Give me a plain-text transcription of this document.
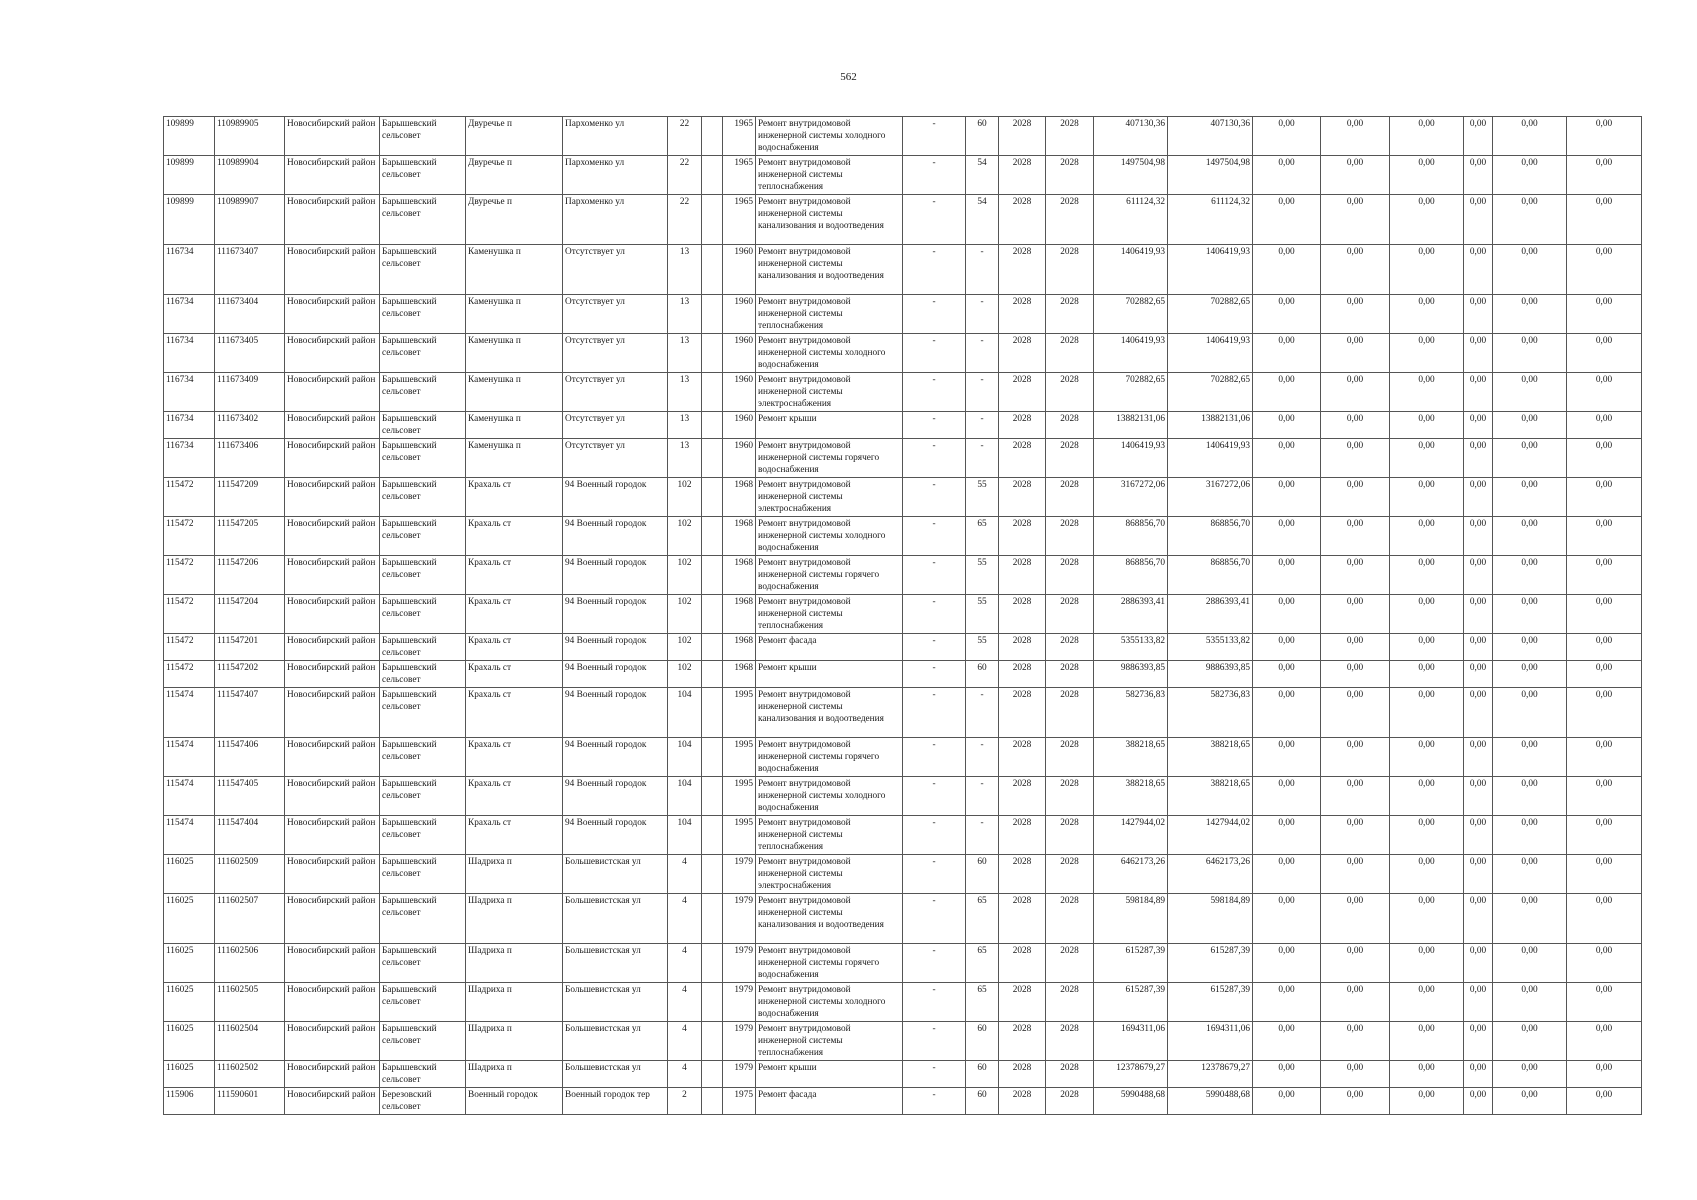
562
109899	110989905	Новосибирский район	Барышевский сельсовет	Двуречье п	Пархоменко ул	22		1965	Ремонт внутридомовой инженерной системы холодного водоснабжения	-	60	2028	2028	407130,36	407130,36	0,00	0,00	0,00	0,00	0,00	0,00
109899	110989904	Новосибирский район	Барышевский сельсовет	Двуречье п	Пархоменко ул	22		1965	Ремонт внутридомовой инженерной системы теплоснабжения	-	54	2028	2028	1497504,98	1497504,98	0,00	0,00	0,00	0,00	0,00	0,00
109899	110989907	Новосибирский район	Барышевский сельсовет	Двуречье п	Пархоменко ул	22		1965	Ремонт внутридомовой инженерной системы канализования и водоотведения	-	54	2028	2028	611124,32	611124,32	0,00	0,00	0,00	0,00	0,00	0,00
116734	111673407	Новосибирский район	Барышевский сельсовет	Каменушка п	Отсутствует ул	13		1960	Ремонт внутридомовой инженерной системы канализования и водоотведения	-	-	2028	2028	1406419,93	1406419,93	0,00	0,00	0,00	0,00	0,00	0,00
116734	111673404	Новосибирский район	Барышевский сельсовет	Каменушка п	Отсутствует ул	13		1960	Ремонт внутридомовой инженерной системы теплоснабжения	-	-	2028	2028	702882,65	702882,65	0,00	0,00	0,00	0,00	0,00	0,00
116734	111673405	Новосибирский район	Барышевский сельсовет	Каменушка п	Отсутствует ул	13		1960	Ремонт внутридомовой инженерной системы холодного водоснабжения	-	-	2028	2028	1406419,93	1406419,93	0,00	0,00	0,00	0,00	0,00	0,00
116734	111673409	Новосибирский район	Барышевский сельсовет	Каменушка п	Отсутствует ул	13		1960	Ремонт внутридомовой инженерной системы электроснабжения	-	-	2028	2028	702882,65	702882,65	0,00	0,00	0,00	0,00	0,00	0,00
116734	111673402	Новосибирский район	Барышевский сельсовет	Каменушка п	Отсутствует ул	13		1960	Ремонт крыши	-	-	2028	2028	13882131,06	13882131,06	0,00	0,00	0,00	0,00	0,00	0,00
116734	111673406	Новосибирский район	Барышевский сельсовет	Каменушка п	Отсутствует ул	13		1960	Ремонт внутридомовой инженерной системы горячего водоснабжения	-	-	2028	2028	1406419,93	1406419,93	0,00	0,00	0,00	0,00	0,00	0,00
115472	111547209	Новосибирский район	Барышевский сельсовет	Крахаль ст	94 Военный городок	102		1968	Ремонт внутридомовой инженерной системы электроснабжения	-	55	2028	2028	3167272,06	3167272,06	0,00	0,00	0,00	0,00	0,00	0,00
115472	111547205	Новосибирский район	Барышевский сельсовет	Крахаль ст	94 Военный городок	102		1968	Ремонт внутридомовой инженерной системы холодного водоснабжения	-	65	2028	2028	868856,70	868856,70	0,00	0,00	0,00	0,00	0,00	0,00
115472	111547206	Новосибирский район	Барышевский сельсовет	Крахаль ст	94 Военный городок	102		1968	Ремонт внутридомовой инженерной системы горячего водоснабжения	-	55	2028	2028	868856,70	868856,70	0,00	0,00	0,00	0,00	0,00	0,00
115472	111547204	Новосибирский район	Барышевский сельсовет	Крахаль ст	94 Военный городок	102		1968	Ремонт внутридомовой инженерной системы теплоснабжения	-	55	2028	2028	2886393,41	2886393,41	0,00	0,00	0,00	0,00	0,00	0,00
115472	111547201	Новосибирский район	Барышевский сельсовет	Крахаль ст	94 Военный городок	102		1968	Ремонт фасада	-	55	2028	2028	5355133,82	5355133,82	0,00	0,00	0,00	0,00	0,00	0,00
115472	111547202	Новосибирский район	Барышевский сельсовет	Крахаль ст	94 Военный городок	102		1968	Ремонт крыши	-	60	2028	2028	9886393,85	9886393,85	0,00	0,00	0,00	0,00	0,00	0,00
115474	111547407	Новосибирский район	Барышевский сельсовет	Крахаль ст	94 Военный городок	104		1995	Ремонт внутридомовой инженерной системы канализования и водоотведения	-	-	2028	2028	582736,83	582736,83	0,00	0,00	0,00	0,00	0,00	0,00
115474	111547406	Новосибирский район	Барышевский сельсовет	Крахаль ст	94 Военный городок	104		1995	Ремонт внутридомовой инженерной системы горячего водоснабжения	-	-	2028	2028	388218,65	388218,65	0,00	0,00	0,00	0,00	0,00	0,00
115474	111547405	Новосибирский район	Барышевский сельсовет	Крахаль ст	94 Военный городок	104		1995	Ремонт внутридомовой инженерной системы холодного водоснабжения	-	-	2028	2028	388218,65	388218,65	0,00	0,00	0,00	0,00	0,00	0,00
115474	111547404	Новосибирский район	Барышевский сельсовет	Крахаль ст	94 Военный городок	104		1995	Ремонт внутридомовой инженерной системы теплоснабжения	-	-	2028	2028	1427944,02	1427944,02	0,00	0,00	0,00	0,00	0,00	0,00
116025	111602509	Новосибирский район	Барышевский сельсовет	Шадриха п	Большевистская ул	4		1979	Ремонт внутридомовой инженерной системы электроснабжения	-	60	2028	2028	6462173,26	6462173,26	0,00	0,00	0,00	0,00	0,00	0,00
116025	111602507	Новосибирский район	Барышевский сельсовет	Шадриха п	Большевистская ул	4		1979	Ремонт внутридомовой инженерной системы канализования и водоотведения	-	65	2028	2028	598184,89	598184,89	0,00	0,00	0,00	0,00	0,00	0,00
116025	111602506	Новосибирский район	Барышевский сельсовет	Шадриха п	Большевистская ул	4		1979	Ремонт внутридомовой инженерной системы горячего водоснабжения	-	65	2028	2028	615287,39	615287,39	0,00	0,00	0,00	0,00	0,00	0,00
116025	111602505	Новосибирский район	Барышевский сельсовет	Шадриха п	Большевистская ул	4		1979	Ремонт внутридомовой инженерной системы холодного водоснабжения	-	65	2028	2028	615287,39	615287,39	0,00	0,00	0,00	0,00	0,00	0,00
116025	111602504	Новосибирский район	Барышевский сельсовет	Шадриха п	Большевистская ул	4		1979	Ремонт внутридомовой инженерной системы теплоснабжения	-	60	2028	2028	1694311,06	1694311,06	0,00	0,00	0,00	0,00	0,00	0,00
116025	111602502	Новосибирский район	Барышевский сельсовет	Шадриха п	Большевистская ул	4		1979	Ремонт крыши	-	60	2028	2028	12378679,27	12378679,27	0,00	0,00	0,00	0,00	0,00	0,00
115906	111590601	Новосибирский район	Березовский сельсовет	Военный городок	Военный городок тер	2		1975	Ремонт фасада	-	60	2028	2028	5990488,68	5990488,68	0,00	0,00	0,00	0,00	0,00	0,00
